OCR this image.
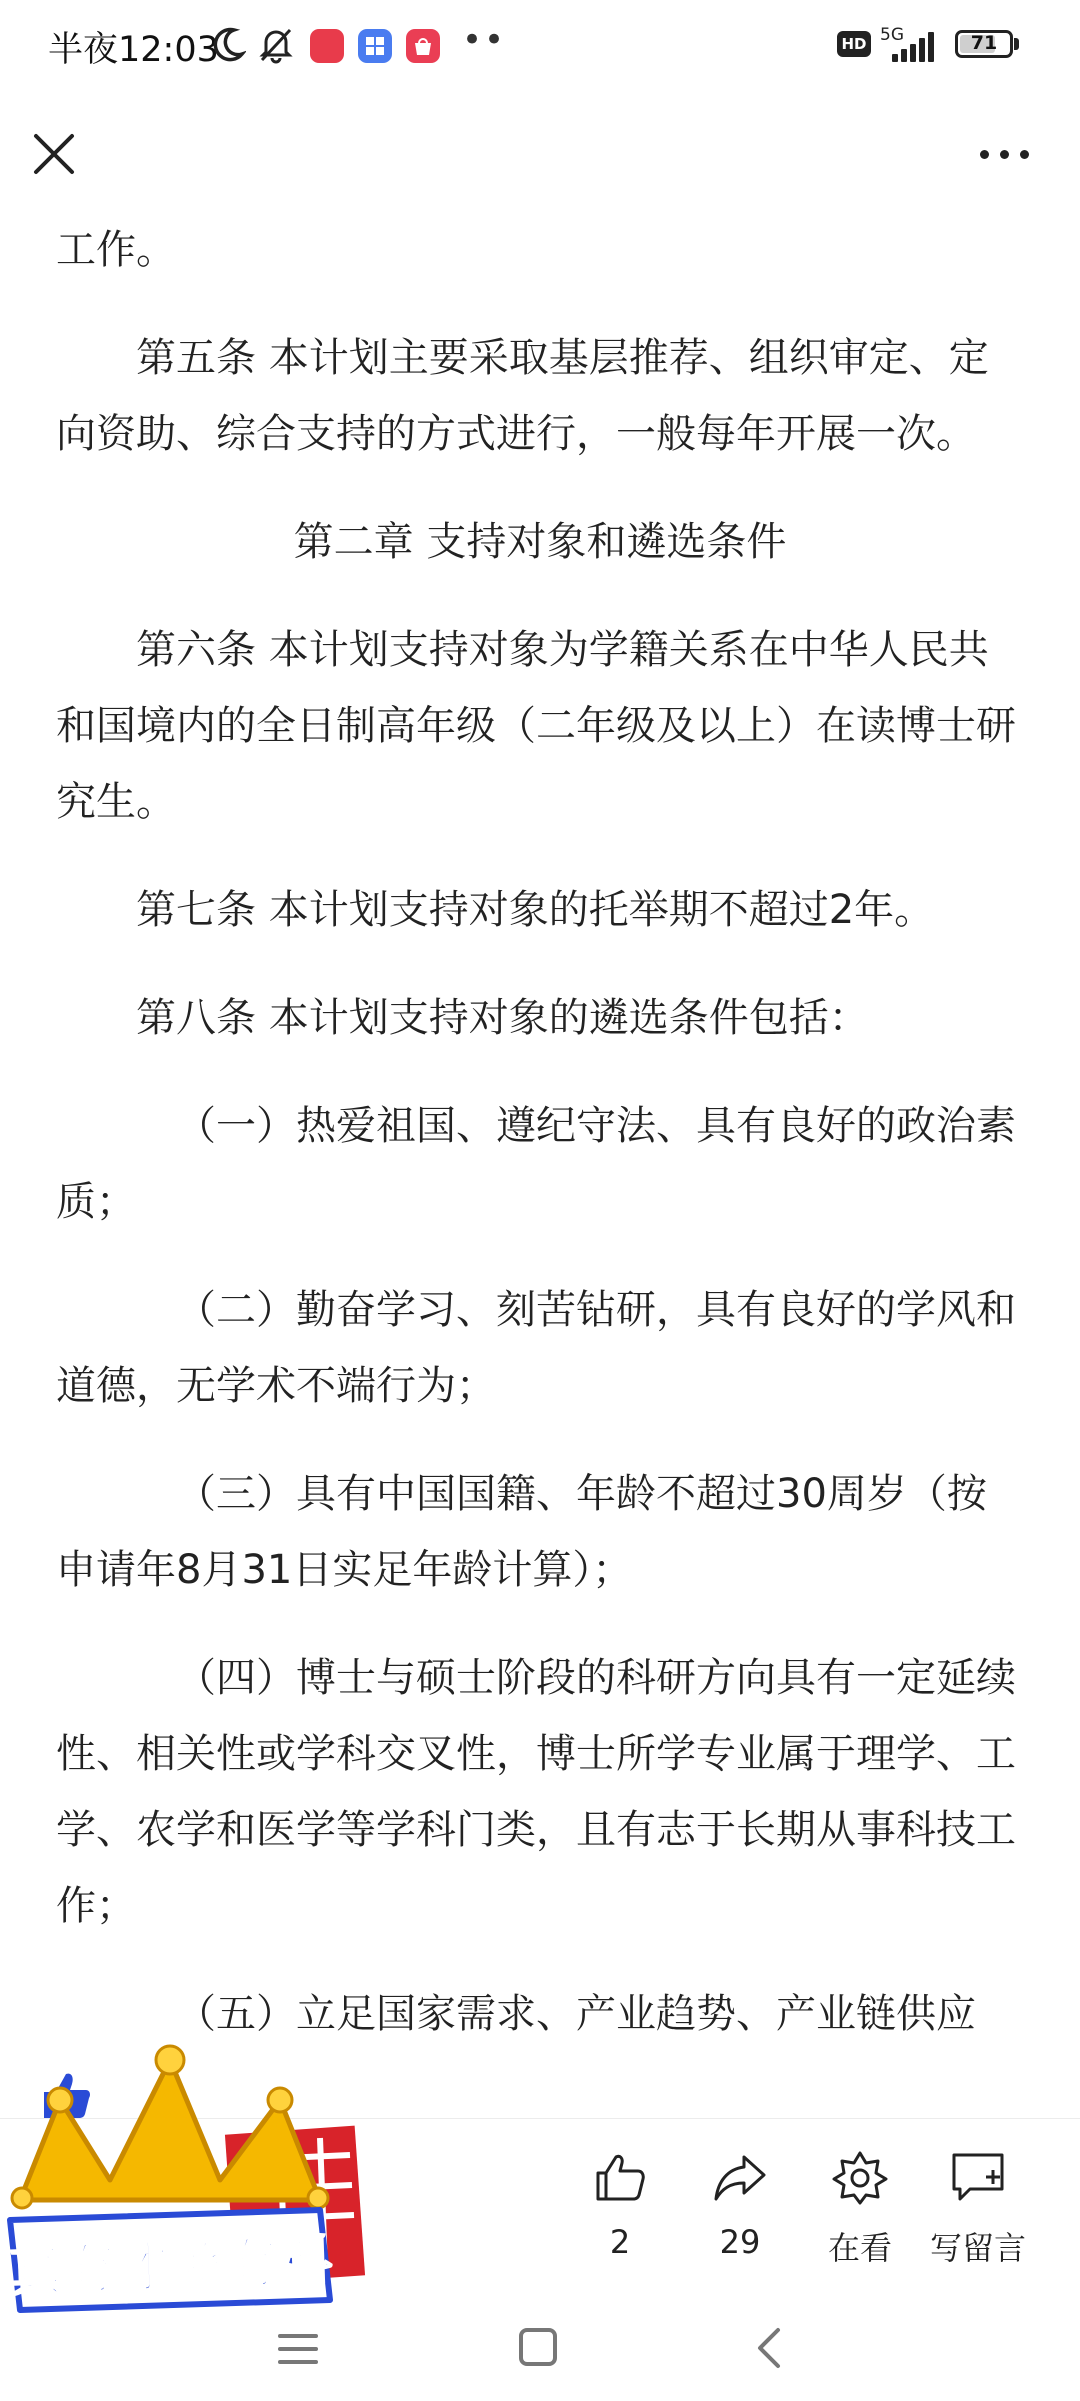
半夜12:03	••	HD 5G	71

工作。

第五条 本计划主要采取基层推荐、组织审定、定向资助、综合支持的方式进行，一般每年开展一次。

第二章 支持对象和遴选条件

第六条 本计划支持对象为学籍关系在中华人民共和国境内的全日制高年级（二年级及以上）在读博士研究生。

第七条 本计划支持对象的托举期不超过2年。

第八条 本计划支持对象的遴选条件包括：

（一）热爱祖国、遵纪守法、具有良好的政治素质；

（二）勤奋学习、刻苦钻研，具有良好的学风和道德，无学术不端行为；

（三）具有中国国籍、年龄不超过30周岁（按申请年8月31日实足年龄计算）；

（四）博士与硕士阶段的科研方向具有一定延续性、相关性或学科交叉性，博士所学专业属于理学、工学、农学和医学等学科门类，且有志于长期从事科技工作；

（五）立足国家需求、产业趋势、产业链供应

2	29	在看	写留言
真有才超有料
